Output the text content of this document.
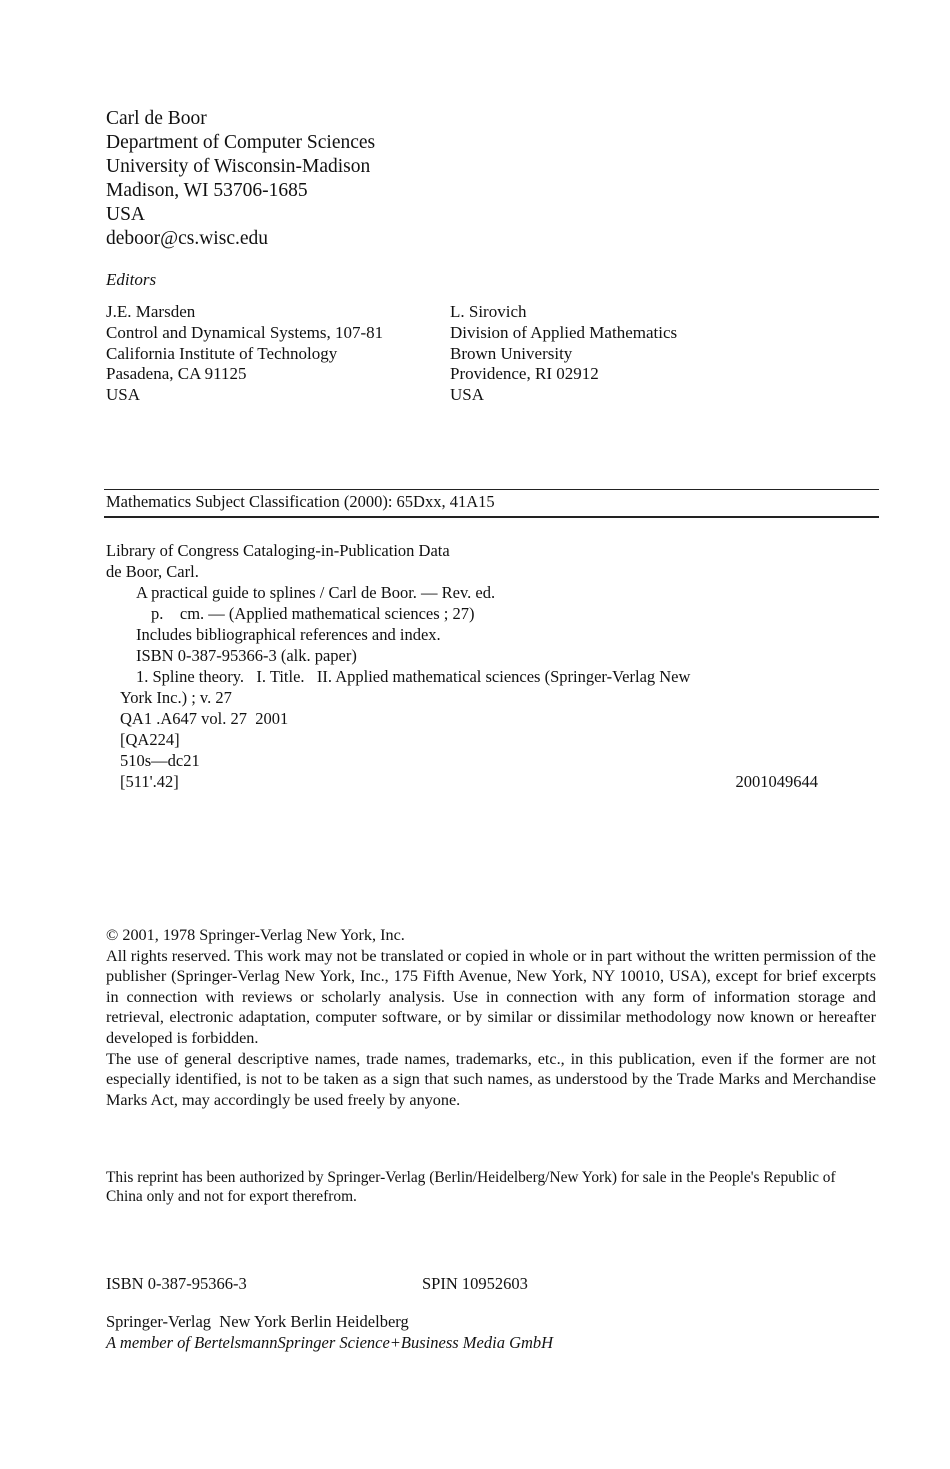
Carl de Boor
Department of Computer Sciences
University of Wisconsin-Madison
Madison, WI 53706-1685
USA
deboor@cs.wisc.edu
Editors
J.E. Marsden
Control and Dynamical Systems, 107-81
California Institute of Technology
Pasadena, CA 91125
USA
L. Sirovich
Division of Applied Mathematics
Brown University
Providence, RI 02912
USA
Mathematics Subject Classification (2000): 65Dxx, 41A15
Library of Congress Cataloging-in-Publication Data
de Boor, Carl.
A practical guide to splines / Carl de Boor. — Rev. ed.
p.    cm. — (Applied mathematical sciences ; 27)
Includes bibliographical references and index.
ISBN 0-387-95366-3 (alk. paper)
1. Spline theory.   I. Title.   II. Applied mathematical sciences (Springer-Verlag New
York Inc.) ; v. 27
QA1 .A647 vol. 27  2001
[QA224]
510s—dc21
[511'.42]	2001049644

© 2001, 1978 Springer-Verlag New York, Inc.

All rights reserved. This work may not be translated or copied in whole or in part without the written permission of the publisher (Springer-Verlag New York, Inc., 175 Fifth Avenue, New York, NY 10010, USA), except for brief excerpts in connection with reviews or scholarly analysis. Use in connection with any form of information storage and retrieval, electronic adaptation, computer software, or by similar or dissimilar methodology now known or hereafter developed is forbidden.

The use of general descriptive names, trade names, trademarks, etc., in this publication, even if the former are not especially identified, is not to be taken as a sign that such names, as understood by the Trade Marks and Merchandise Marks Act, may accordingly be used freely by anyone.

This reprint has been authorized by Springer-Verlag (Berlin/Heidelberg/New York) for sale in the People's Republic of China only and not for export therefrom.
ISBN 0-387-95366-3	SPIN 10952603
Springer-Verlag  New York Berlin Heidelberg
A member of BertelsmannSpringer Science+Business Media GmbH
